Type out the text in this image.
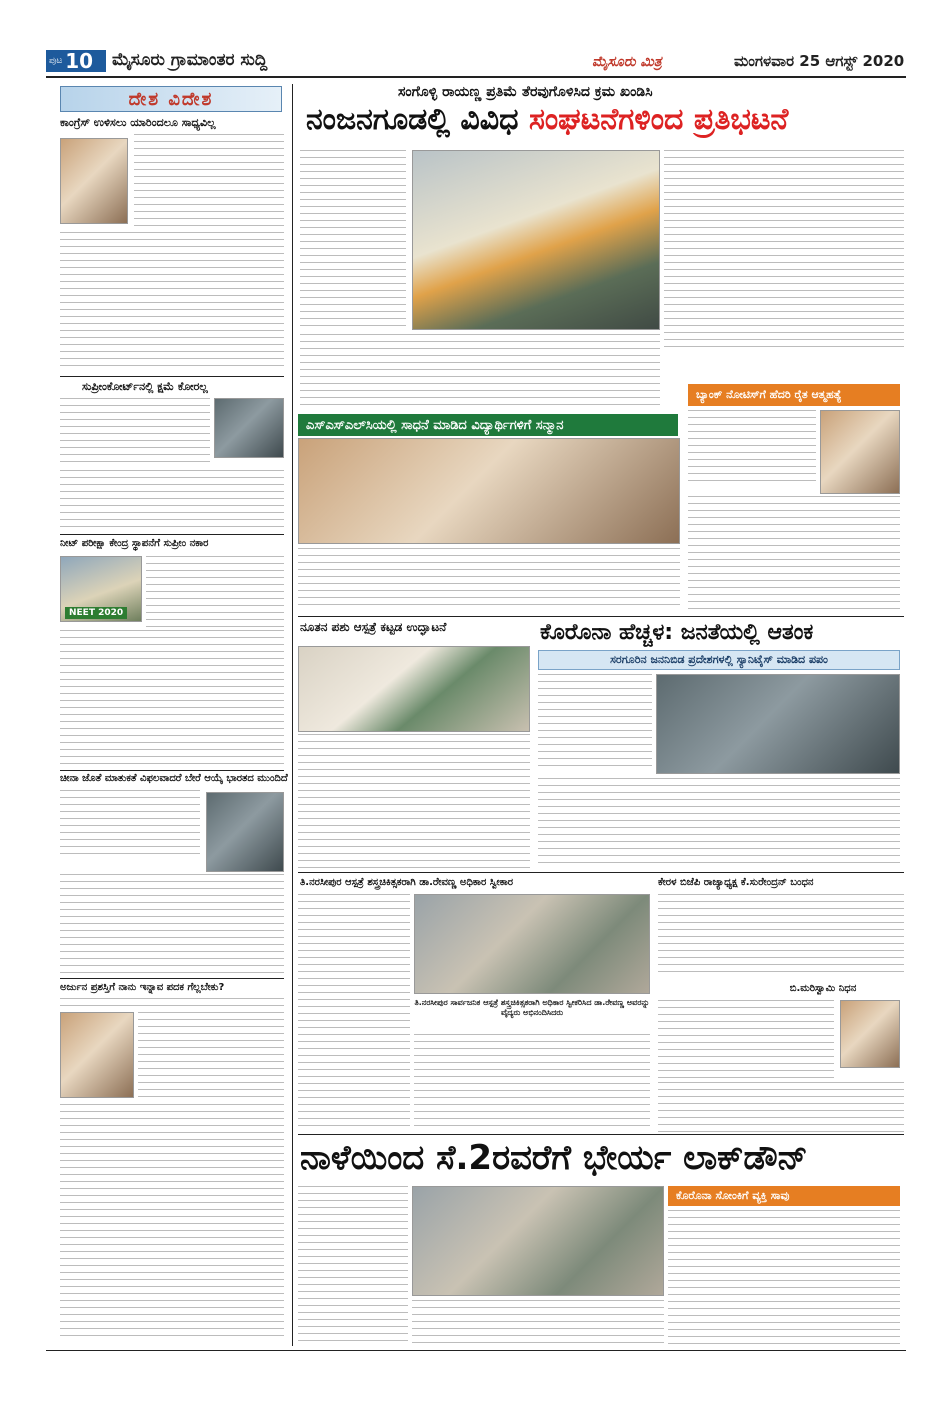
ಪುಟ 10 ಮೈಸೂರು ಗ್ರಾಮಾಂತರ ಸುದ್ದಿ	ಮೈಸೂರು ಮಿತ್ರ	ಮಂಗಳವಾರ 25 ಆಗಸ್ಟ್ 2020
ದೇಶ ವಿದೇಶ
ಕಾಂಗ್ರೆಸ್ ಉಳಿಸಲು ಯಾರಿಂದಲೂ ಸಾಧ್ಯವಿಲ್ಲ
ಸುಪ್ರೀಂಕೋರ್ಟ್‌ನಲ್ಲಿ ಕ್ಷಮೆ ಕೋರಲ್ಲ
ನೀಟ್ ಪರೀಕ್ಷಾ ಕೇಂದ್ರ ಸ್ಥಾಪನೆಗೆ ಸುಪ್ರೀಂ ನಕಾರ
NEET 2020
ಚೀನಾ ಜೊತೆ ಮಾತುಕತೆ ವಿಫಲವಾದರೆ ಬೇರೆ ಆಯ್ಕೆ ಭಾರತದ ಮುಂದಿದೆ
ಅರ್ಜುನ ಪ್ರಶಸ್ತಿಗೆ ನಾನು ಇನ್ನಾವ ಪದಕ ಗೆಲ್ಲಬೇಕು?
ಸಂಗೊಳ್ಳಿ ರಾಯಣ್ಣ ಪ್ರತಿಮೆ ತೆರವುಗೊಳಿಸಿದ ಕ್ರಮ ಖಂಡಿಸಿ
ನಂಜನಗೂಡಲ್ಲಿ ವಿವಿಧ ಸಂಘಟನೆಗಳಿಂದ ಪ್ರತಿಭಟನೆ
ಎಸ್‌ಎಸ್‌ಎಲ್‌ಸಿಯಲ್ಲಿ ಸಾಧನೆ ಮಾಡಿದ ವಿದ್ಯಾರ್ಥಿಗಳಿಗೆ ಸನ್ಮಾನ
ಬ್ಯಾಂಕ್ ನೋಟಿಸ್‌ಗೆ ಹೆದರಿ ರೈತ ಆತ್ಮಹತ್ಯೆ
ನೂತನ ಪಶು ಆಸ್ಪತ್ರೆ ಕಟ್ಟಡ ಉದ್ಘಾಟನೆ	ಕೊರೊನಾ ಹೆಚ್ಚಳ: ಜನತೆಯಲ್ಲಿ ಆತಂಕ
ಸರಗೂರಿನ ಜನನಿಬಿಡ ಪ್ರದೇಶಗಳಲ್ಲಿ ಸ್ಯಾನಿಟೈಸ್ ಮಾಡಿದ ಪಪಂ
ತಿ.ನರಸೀಪುರ ಆಸ್ಪತ್ರೆ ಶಸ್ತ್ರಚಿಕಿತ್ಸಕರಾಗಿ ಡಾ.ರೇವಣ್ಣ ಅಧಿಕಾರ ಸ್ವೀಕಾರ
ತಿ.ನರಸೀಪುರ ಸಾರ್ವಜನಿಕ ಆಸ್ಪತ್ರೆ ಶಸ್ತ್ರಚಿಕಿತ್ಸಕರಾಗಿ ಅಧಿಕಾರ ಸ್ವೀಕರಿಸಿದ ಡಾ.ರೇವಣ್ಣ ಅವರನ್ನು ವೈದ್ಯರು ಅಭಿನಂದಿಸಿದರು
ಕೇರಳ ಬಿಜೆಪಿ ರಾಜ್ಯಾಧ್ಯಕ್ಷ ಕೆ.ಸುರೇಂದ್ರನ್ ಬಂಧನ
ಬಿ.ಮರಿಸ್ವಾಮಿ ನಿಧನ
ನಾಳೆಯಿಂದ ಸೆ.2ರವರೆಗೆ ಭೇರ್ಯ ಲಾಕ್‌ಡೌನ್
ಕೊರೊನಾ ಸೋಂಕಿಗೆ ವ್ಯಕ್ತಿ ಸಾವು
